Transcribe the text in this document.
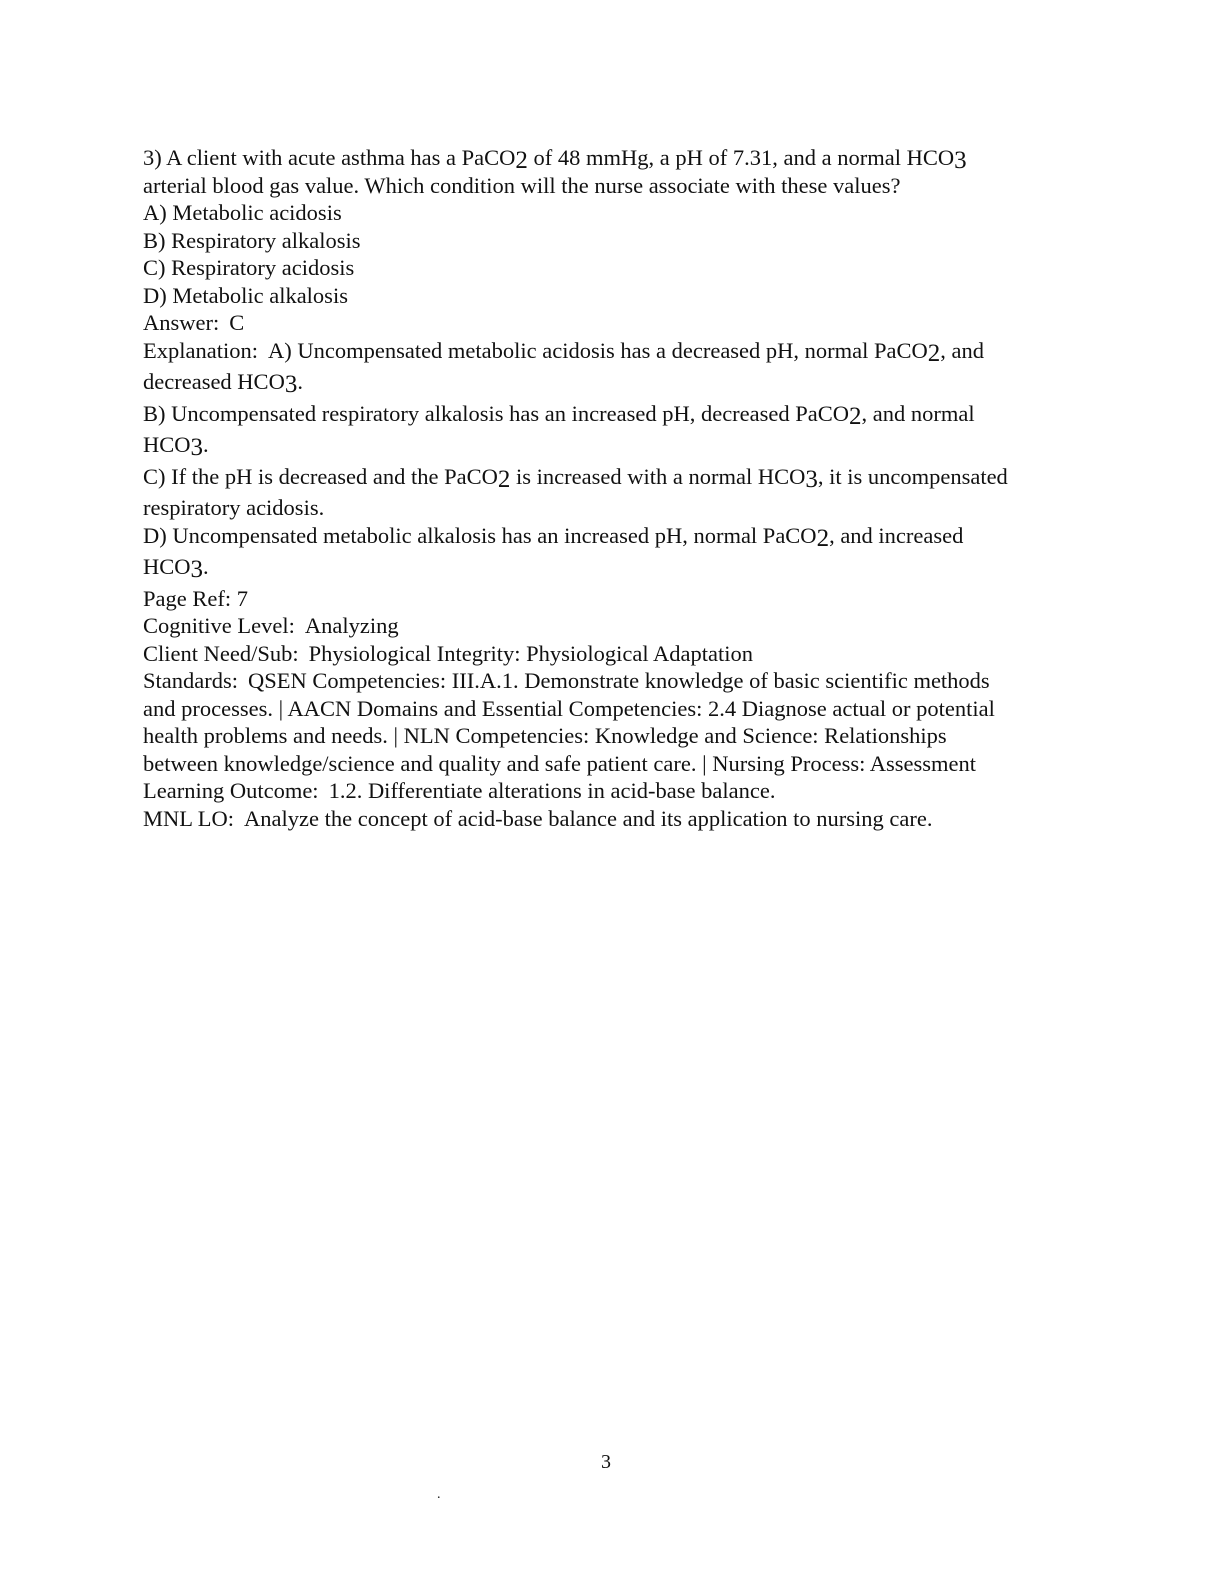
3) A client with acute asthma has a PaCO2 of 48 mmHg, a pH of 7.31, and a normal HCO3
arterial blood gas value. Which condition will the nurse associate with these values?
A) Metabolic acidosis
B) Respiratory alkalosis
C) Respiratory acidosis
D) Metabolic alkalosis
Answer: C
Explanation: A) Uncompensated metabolic acidosis has a decreased pH, normal PaCO2, and
decreased HCO3.
B) Uncompensated respiratory alkalosis has an increased pH, decreased PaCO2, and normal
HCO3.
C) If the pH is decreased and the PaCO2 is increased with a normal HCO3, it is uncompensated
respiratory acidosis.
D) Uncompensated metabolic alkalosis has an increased pH, normal PaCO2, and increased
HCO3.
Page Ref: 7
Cognitive Level: Analyzing
Client Need/Sub: Physiological Integrity: Physiological Adaptation
Standards: QSEN Competencies: III.A.1. Demonstrate knowledge of basic scientific methods
and processes. | AACN Domains and Essential Competencies: 2.4 Diagnose actual or potential
health problems and needs. | NLN Competencies: Knowledge and Science: Relationships
between knowledge/science and quality and safe patient care. | Nursing Process: Assessment
Learning Outcome: 1.2. Differentiate alterations in acid-base balance.
MNL LO: Analyze the concept of acid-base balance and its application to nursing care.
3
.
